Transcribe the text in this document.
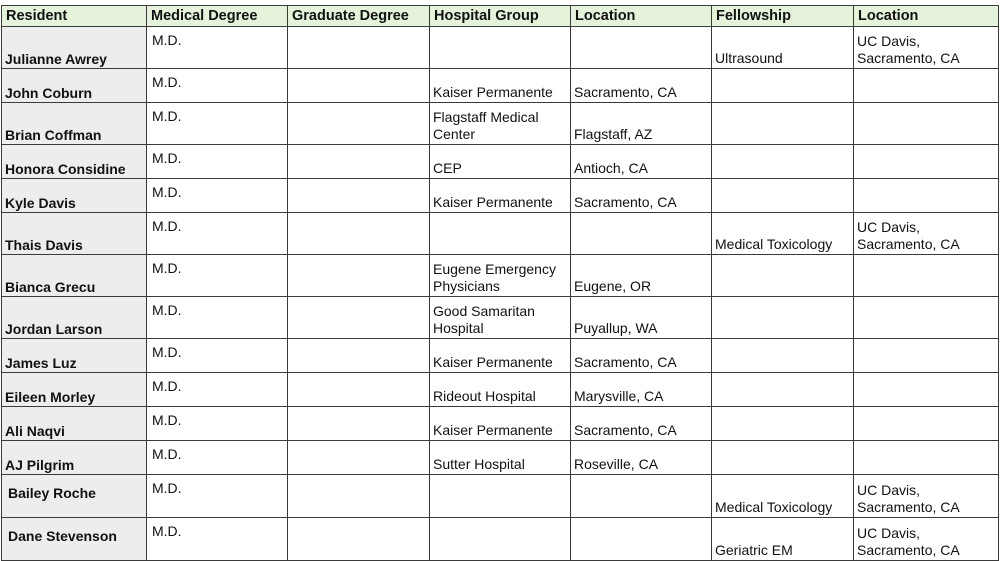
Resident	Medical Degree	Graduate Degree	Hospital Group	Location	Fellowship	Location

Julianne Awrey	M.D.				Ultrasound	UC Davis,
Sacramento, CA

John Coburn	M.D.		Kaiser Permanente	Sacramento, CA		

Brian Coffman	M.D.		Flagstaff Medical
Center	Flagstaff, AZ		

Honora Considine	M.D.		CEP	Antioch, CA		

Kyle Davis	M.D.		Kaiser Permanente	Sacramento, CA		

Thais Davis	M.D.				Medical Toxicology	UC Davis,
Sacramento, CA

Bianca Grecu	M.D.		Eugene Emergency
Physicians	Eugene, OR		

Jordan Larson	M.D.		Good Samaritan
Hospital	Puyallup, WA		

James Luz	M.D.		Kaiser Permanente	Sacramento, CA		

Eileen Morley	M.D.		Rideout Hospital	Marysville, CA		

Ali Naqvi	M.D.		Kaiser Permanente	Sacramento, CA		

AJ Pilgrim	M.D.		Sutter Hospital	Roseville, CA		

Bailey Roche	M.D.				Medical Toxicology	UC Davis,
Sacramento, CA

Dane Stevenson	M.D.				Geriatric EM	UC Davis,
Sacramento, CA
